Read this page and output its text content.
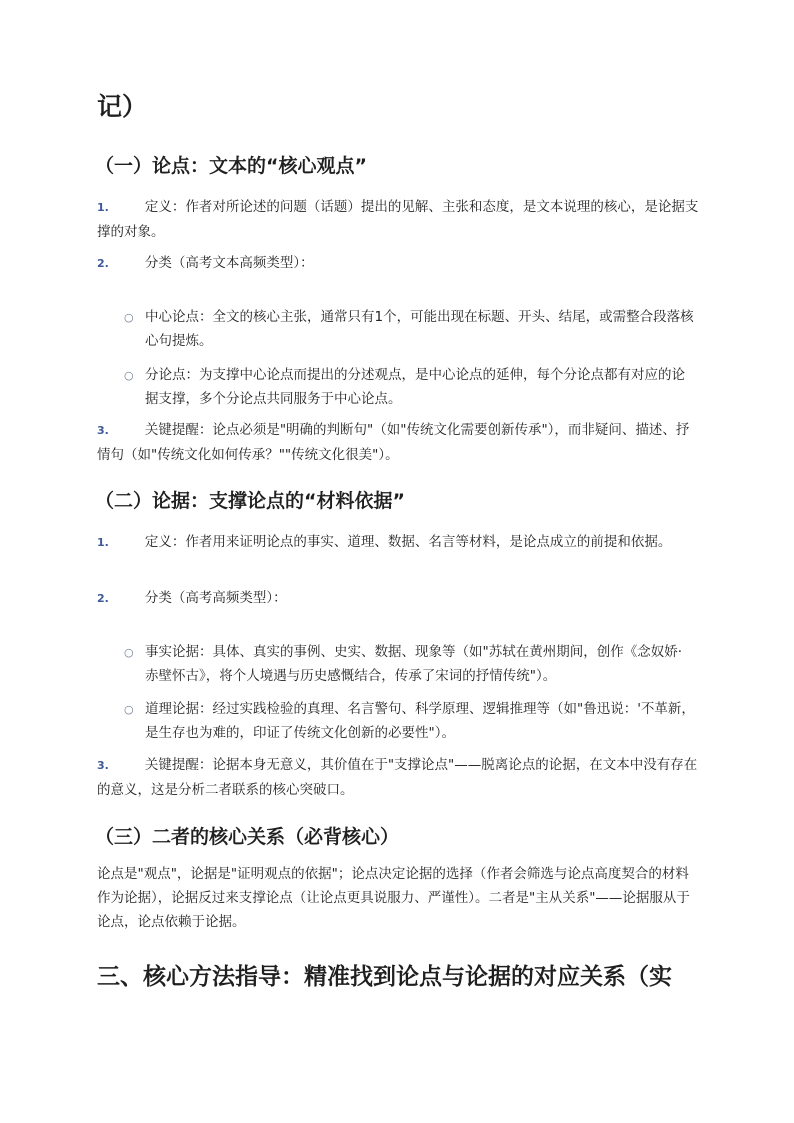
记）
（一）论点：文本的“核心观点”
1.	定义：作者对所论述的问题（话题）提出的见解、主张和态度，是文本说理的核心，是论据支撑的对象。
2.	分类（高考文本高频类型）：
○ 中心论点：全文的核心主张，通常只有1个，可能出现在标题、开头、结尾，或需整合段落核心句提炼。
○ 分论点：为支撑中心论点而提出的分述观点，是中心论点的延伸，每个分论点都有对应的论据支撑，多个分论点共同服务于中心论点。
3.	关键提醒：论点必须是"明确的判断句"（如"传统文化需要创新传承"），而非疑问、描述、抒情句（如"传统文化如何传承？""传统文化很美"）。
（二）论据：支撑论点的“材料依据”
1.	定义：作者用来证明论点的事实、道理、数据、名言等材料，是论点成立的前提和依据。
2.	分类（高考高频类型）：
○ 事实论据：具体、真实的事例、史实、数据、现象等（如"苏轼在黄州期间，创作《念奴娇·赤壁怀古》，将个人境遇与历史感慨结合，传承了宋词的抒情传统"）。
○ 道理论据：经过实践检验的真理、名言警句、科学原理、逻辑推理等（如"鲁迅说：'不革新，是生存也为难的，印证了传统文化创新的必要性"）。
3.	关键提醒：论据本身无意义，其价值在于"支撑论点"——脱离论点的论据，在文本中没有存在的意义，这是分析二者联系的核心突破口。
（三）二者的核心关系（必背核心）

论点是"观点"，论据是"证明观点的依据"；论点决定论据的选择（作者会筛选与论点高度契合的材料作为论据），论据反过来支撑论点（让论点更具说服力、严谨性）。二者是"主从关系"——论据服从于论点，论点依赖于论据。

三、核心方法指导：精准找到论点与论据的对应关系（实
